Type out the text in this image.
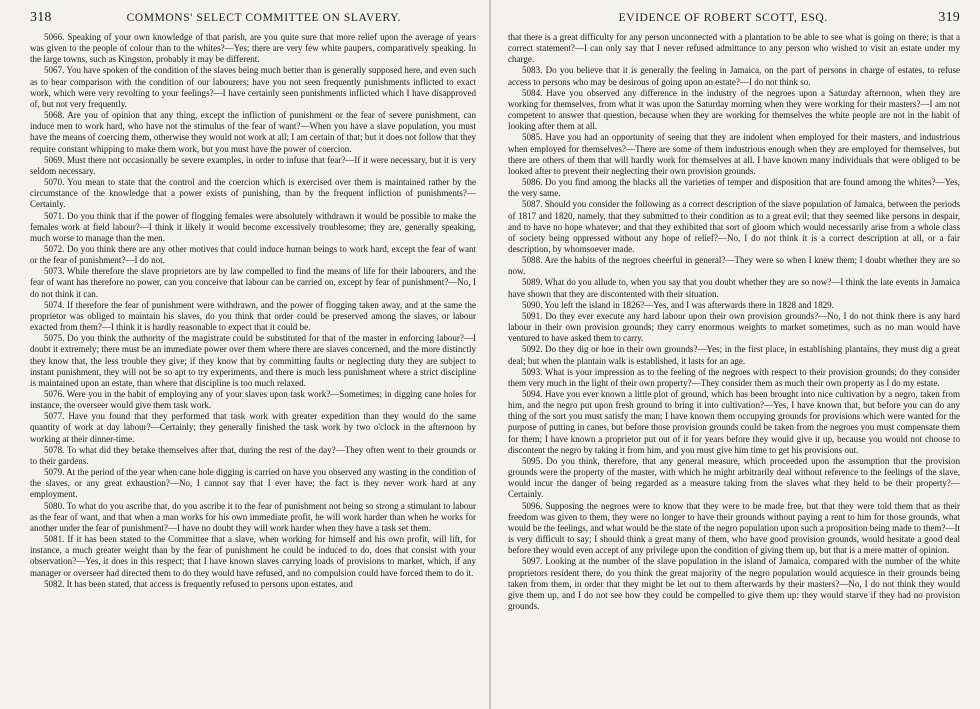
318	COMMONS' SELECT COMMITTEE ON SLAVERY.

5066. Speaking of your own knowledge of that parish, are you quite sure that more relief upon the average of years was given to the people of colour than to the whites?—Yes; there are very few white paupers, comparatively speaking. In the large towns, such as Kingston, probably it may be different.

5067. You have spoken of the condition of the slaves being much better than is generally supposed here, and even such as to bear comparison with the condition of our labourers; have you not seen frequently punishments inflicted to exact work, which were very revolting to your feelings?—I have certainly seen punishments inflicted which I have disapproved of, but not very frequently.

5068. Are you of opinion that any thing, except the infliction of punishment or the fear of severe punishment, can induce men to work hard, who have not the stimulus of the fear of want?—When you have a slave population, you must have the means of coercing them, otherwise they would not work at all; I am certain of that; but it does not follow that they require constant whipping to make them work, but you must have the power of coercion.

5069. Must there not occasionally be severe examples, in order to infuse that fear?—If it were necessary, but it is very seldom necessary.

5070. You mean to state that the control and the coercion which is exercised over them is maintained rather by the circumstance of the knowledge that a power exists of punishing, than by the frequent infliction of punishments?—Certainly.

5071. Do you think that if the power of flogging females were absolutely withdrawn it would be possible to make the females work at field labour?—I think it likely it would become excessively troublesome; they are, generally speaking, much worse to manage than the men.

5072. Do you think there are any other motives that could induce human beings to work hard, except the fear of want or the fear of punishment?—I do not.

5073. While therefore the slave proprietors are by law compelled to find the means of life for their labourers, and the fear of want has therefore no power, can you conceive that labour can be carried on, except by fear of punishment?—No, I do not think it can.

5074. If therefore the fear of punishment were withdrawn, and the power of flogging taken away, and at the same the proprietor was obliged to maintain his slaves, do you think that order could be preserved among the slaves, or labour exacted from them?—I think it is hardly reasonable to expect that it could be.

5075. Do you think the authority of the magistrate could be substituted for that of the master in enforcing labour?—I doubt it extremely; there must be an immediate power over them where there are slaves concerned, and the more distinctly they know that, the less trouble they give; if they know that by committing faults or neglecting duty they are subject to instant punishment, they will not be so apt to try experiments, and there is much less punishment where a strict discipline is maintained upon an estate, than where that discipline is too much relaxed.

5076. Were you in the habit of employing any of your slaves upon task work?—Sometimes; in digging cane holes for instance, the overseer would give them task work.

5077. Have you found that they performed that task work with greater expedition than they would do the same quantity of work at day labour?—Certainly; they generally finished the task work by two o'clock in the afternoon by working at their dinner-time.

5078. To what did they betake themselves after that, during the rest of the day?—They often went to their grounds or to their gardens.

5079. At the period of the year when cane hole digging is carried on have you observed any wasting in the condition of the slaves, or any great exhaustion?—No, I cannot say that I ever have; the fact is they never work hard at any employment.

5080. To what do you ascribe that, do you ascribe it to the fear of punishment not being so strong a stimulant to labour as the fear of want, and that when a man works for his own immediate profit, he will work harder than when he works for another under the fear of punishment?—I have no doubt they will work harder when they have a task set them.

5081. If it has been stated to the Committee that a slave, when working for himself and his own profit, will lift, for instance, a much greater weight than by the fear of punishment he could be induced to do, does that consist with your observation?—Yes, it does in this respect; that I have known slaves carrying loads of provisions to market, which, if any manager or overseer had directed them to do they would have refused, and no compulsion could have forced them to do it.

5082. It has been stated, that access is frequently refused to persons upon estates, and

EVIDENCE OF ROBERT SCOTT, ESQ.	319

that there is a great difficulty for any person unconnected with a plantation to be able to see what is going on there; is that a correct statement?—I can only say that I never refused admittance to any person who wished to visit an estate under my charge.

5083. Do you believe that it is generally the feeling in Jamaica, on the part of persons in charge of estates, to refuse access to persons who may be desirous of going upon an estate?—I do not think so.

5084. Have you observed any difference in the industry of the negroes upon a Saturday afternoon, when they are working for themselves, from what it was upon the Saturday morning when they were working for their masters?—I am not competent to answer that question, because when they are working for themselves the white people are not in the habit of looking after them at all.

5085. Have you had an opportunity of seeing that they are indolent when employed for their masters, and industrious when employed for themselves?—There are some of them industrious enough when they are employed for themselves, but there are others of them that will hardly work for themselves at all. I have known many individuals that were obliged to be looked after to prevent their neglecting their own provision grounds.

5086. Do you find among the blacks all the varieties of temper and disposition that are found among the whites?—Yes, the very same.

5087. Should you consider the following as a correct description of the slave population of Jamaica, between the periods of 1817 and 1820, namely, that they submitted to their condition as to a great evil; that they seemed like persons in despair, and to have no hope whatever; and that they exhibited that sort of gloom which would necessarily arise from a whole class of society being oppressed without any hope of relief?—No, I do not think it is a correct description at all, or a fair description, by whomsoever made.

5088. Are the habits of the negroes cheerful in general?—They were so when I knew them; I doubt whether they are so now.

5089. What do you allude to, when you say that you doubt whether they are so now?—I think the late events in Jamaica have shown that they are discontented with their situation.

5090. You left the island in 1826?—Yes, and I was afterwards there in 1828 and 1829.

5091. Do they ever execute any hard labour upon their own provision grounds?—No, I do not think there is any hard labour in their own provision grounds; they carry enormous weights to market sometimes, such as no man would have ventured to have asked them to carry.

5092. Do they dig or hoe in their own grounds?—Yes; in the first place, in establishing plantains, they must dig a great deal; but when the plantain walk is established, it lasts for an age.

5093. What is your impression as to the feeling of the negroes with respect to their provision grounds; do they consider them very much in the light of their own property?—They consider them as much their own property as I do my estate.

5094. Have you ever known a little plot of ground, which has been brought into nice cultivation by a negro, taken from him, and the negro put upon fresh ground to bring it into cultivation?—Yes, I have known that, but before you can do any thing of the sort you must satisfy the man; I have known them occupying grounds for provisions which were wanted for the purpose of putting in canes, but before those provision grounds could be taken from the negroes you must compensate them for them; I have known a proprietor put out of it for years before they would give it up, because you would not choose to discontent the negro by taking it from him, and you must give him time to get his provisions out.

5095. Do you think, therefore, that any general measure, which proceeded upon the assumption that the provision grounds were the property of the master, with which he might arbitrarily deal without reference to the feelings of the slave, would incur the danger of being regarded as a measure taking from the slaves what they held to be their property?—Certainly.

5096. Supposing the negroes were to know that they were to be made free, but that they were told them that as their freedom was given to them, they were no longer to have their grounds without paying a rent to him for those grounds, what would be the feelings, and what would be the state of the negro population upon such a proposition being made to them?—It is very difficult to say; I should think a great many of them, who have good provision grounds, would hesitate a good deal before they would even accept of any privilege upon the condition of giving them up, but that is a mere matter of opinion.

5097. Looking at the number of the slave population in the island of Jamaica, compared with the number of the white proprietors resident there, do you think the great majority of the negro population would acquiesce in their grounds being taken from them, in order that they might be let out to them afterwards by their masters?—No, I do not think they would give them up, and I do not see how they could be compelled to give them up: they would starve if they had no provision grounds.
